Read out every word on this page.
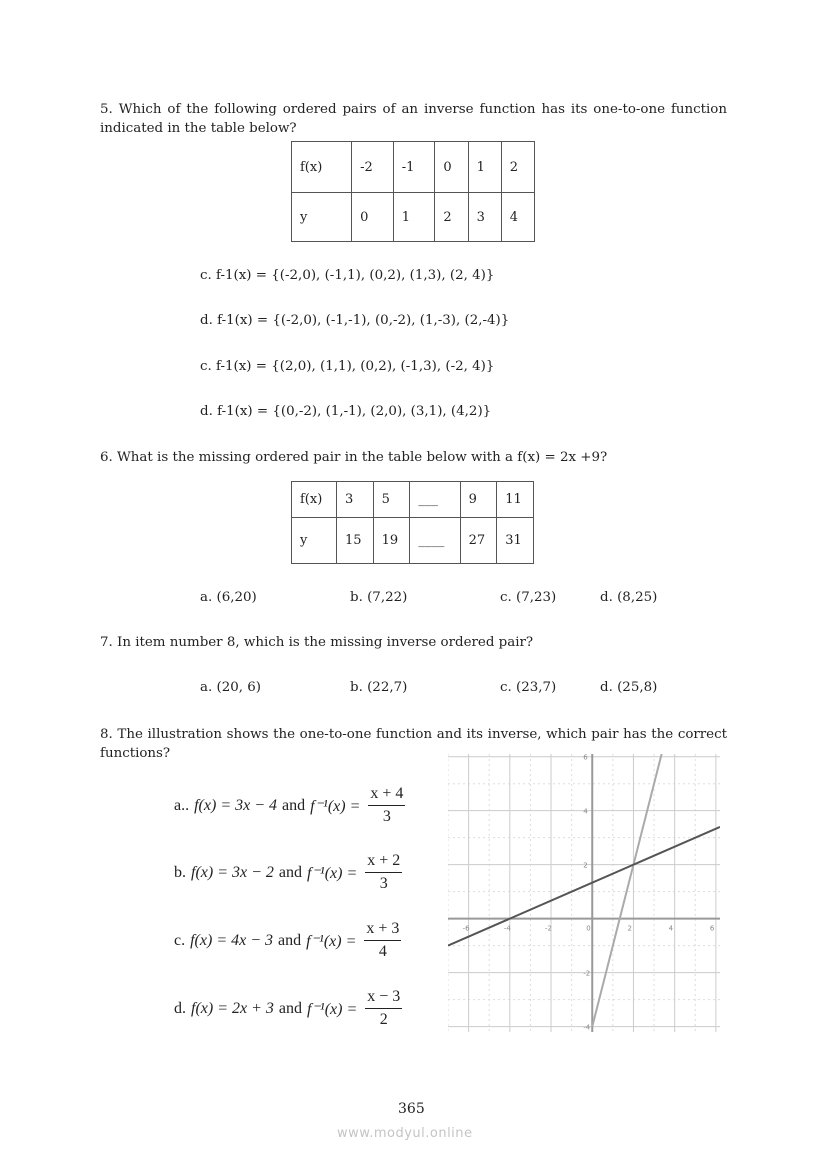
5. Which of the following ordered pairs of an inverse function has its one-to-one function indicated in the table below?
f(x)	-2	-1	0	1	2
y	0	1	2	3	4
c. f-1(x) = {(-2,0), (-1,1), (0,2), (1,3), (2, 4)}
d. f-1(x) = {(-2,0), (-1,-1), (0,-2), (1,-3), (2,-4)}
c. f-1(x) = {(2,0), (1,1), (0,2), (-1,3), (-2, 4)}
d. f-1(x) = {(0,-2), (1,-1), (2,0), (3,1), (4,2)}
6. What is the missing ordered pair in the table below with a f(x) = 2x +9?
f(x)	3	5	___	9	11
y	15	19	____	27	31
a. (6,20)	b. (7,22)	c. (7,23)	d. (8,25)
7. In item number 8, which is the missing inverse ordered pair?
a. (20, 6)	b. (22,7)	c. (23,7)	d. (25,8)
8. The illustration shows the one-to-one function and its inverse, which pair has the correct functions?
a.. f(x) = 3x − 4 and $f^{-1}(x) = \frac{x + 4}{3}$
b. f(x) = 3x − 2 and $f^{-1}(x) = \frac{x + 2}{3}$
c. f(x) = 4x − 3 and $f^{-1}(x) = \frac{x + 3}{4}$
d. f(x) = 2x + 3 and $f^{-1}(x) = \frac{x - 3}{2}$
-6	-4	-2	0	2	4	6
-4
-2
2
4
6
365
www.modyul.online
